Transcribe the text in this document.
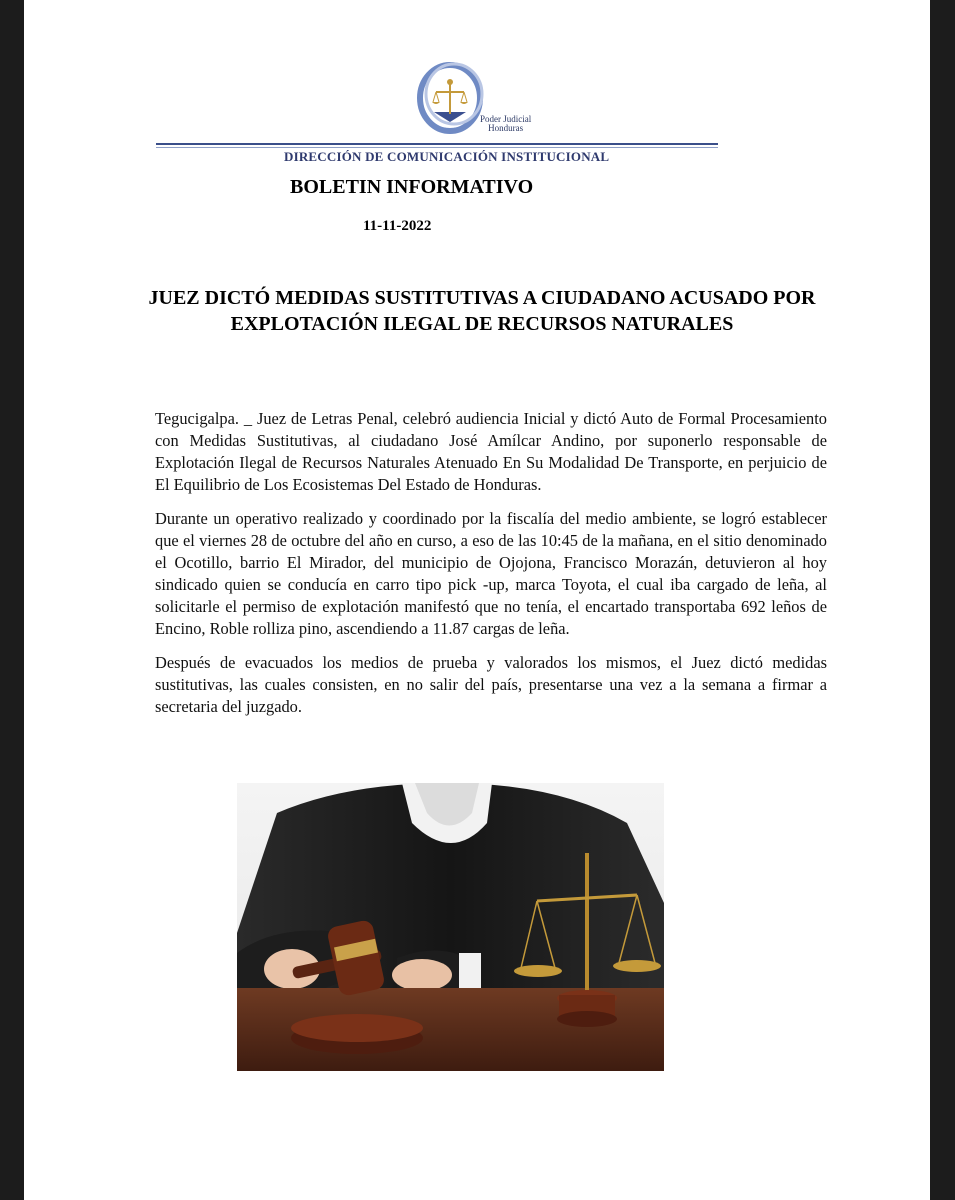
Poder Judicial
Honduras
DIRECCIÓN DE COMUNICACIÓN INSTITUCIONAL
BOLETIN INFORMATIVO
11-11-2022
JUEZ DICTÓ MEDIDAS SUSTITUTIVAS A CIUDADANO ACUSADO POR EXPLOTACIÓN ILEGAL DE RECURSOS NATURALES

Tegucigalpa. _ Juez de Letras Penal, celebró audiencia Inicial y dictó Auto de Formal Procesamiento con Medidas Sustitutivas, al ciudadano José Amílcar Andino, por suponerlo responsable de Explotación Ilegal de Recursos Naturales Atenuado En Su Modalidad De Transporte, en perjuicio de El Equilibrio de Los Ecosistemas Del Estado de Honduras.

Durante un operativo realizado y coordinado por la fiscalía del medio ambiente, se logró establecer que el viernes 28 de octubre del año en curso, a eso de las 10:45 de la mañana, en el sitio denominado el Ocotillo, barrio El Mirador, del municipio de Ojojona, Francisco Morazán, detuvieron al hoy sindicado quien se conducía en carro tipo pick -up, marca Toyota, el cual iba cargado de leña, al solicitarle el permiso de explotación manifestó que no tenía, el encartado transportaba 692 leños de Encino, Roble rolliza pino, ascendiendo a 11.87 cargas de leña.

Después de evacuados los medios de prueba y valorados los mismos, el Juez dictó medidas sustitutivas, las cuales consisten, en no salir del país, presentarse una vez a la semana a firmar a secretaria del juzgado.
